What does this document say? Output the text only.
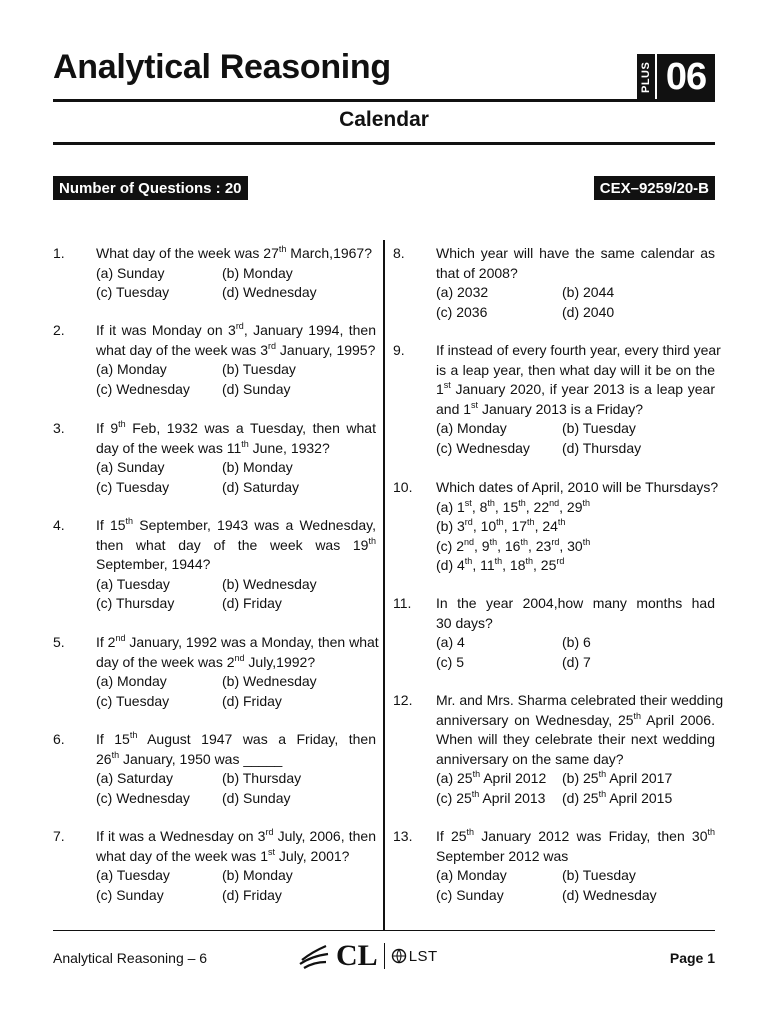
Analytical Reasoning	PLUS 06
Calendar
Number of Questions : 20	CEX–9259/20-B
1. What day of the week was 27th March,1967?
(a) Sunday	(b) Monday
(c) Tuesday	(d) Wednesday
2. If it was Monday on 3rd, January 1994, then
what day of the week was 3rd January, 1995?
(a) Monday	(b) Tuesday
(c) Wednesday	(d) Sunday
3. If 9th Feb, 1932 was a Tuesday, then what
day of the week was 11th June, 1932?
(a) Sunday	(b) Monday
(c) Tuesday	(d) Saturday
4. If 15th September, 1943 was a Wednesday,
then what day of the week was 19th
September, 1944?
(a) Tuesday	(b) Wednesday
(c) Thursday	(d) Friday
5. If 2nd January, 1992 was a Monday, then what
day of the week was 2nd July,1992?
(a) Monday	(b) Wednesday
(c) Tuesday	(d) Friday
6. If 15th August 1947 was a Friday, then
26th January, 1950 was _____
(a) Saturday	(b) Thursday
(c) Wednesday	(d) Sunday
7. If it was a Wednesday on 3rd July, 2006, then
what day of the week was 1st July, 2001?
(a) Tuesday	(b) Monday
(c) Sunday	(d) Friday
8. Which year will have the same calendar as
that of 2008?
(a) 2032	(b) 2044
(c) 2036	(d) 2040
9. If instead of every fourth year, every third year
is a leap year, then what day will it be on the
1st January 2020, if year 2013 is a leap year
and 1st January 2013 is a Friday?
(a) Monday	(b) Tuesday
(c) Wednesday	(d) Thursday
10. Which dates of April, 2010 will be Thursdays?
(a) 1st, 8th, 15th, 22nd, 29th
(b) 3rd, 10th, 17th, 24th
(c) 2nd, 9th, 16th, 23rd, 30th
(d) 4th, 11th, 18th, 25rd
11. In the year 2004,how many months had
30 days?
(a) 4	(b) 6
(c) 5	(d) 7
12. Mr. and Mrs. Sharma celebrated their wedding
anniversary on Wednesday, 25th April 2006.
When will they celebrate their next wedding
anniversary on the same day?
(a) 25th April 2012	(b) 25th April 2017
(c) 25th April 2013	(d) 25th April 2015
13. If 25th January 2012 was Friday, then 30th
September 2012 was
(a) Monday	(b) Tuesday
(c) Sunday	(d) Wednesday
Analytical Reasoning – 6	CL LST	Page 1
